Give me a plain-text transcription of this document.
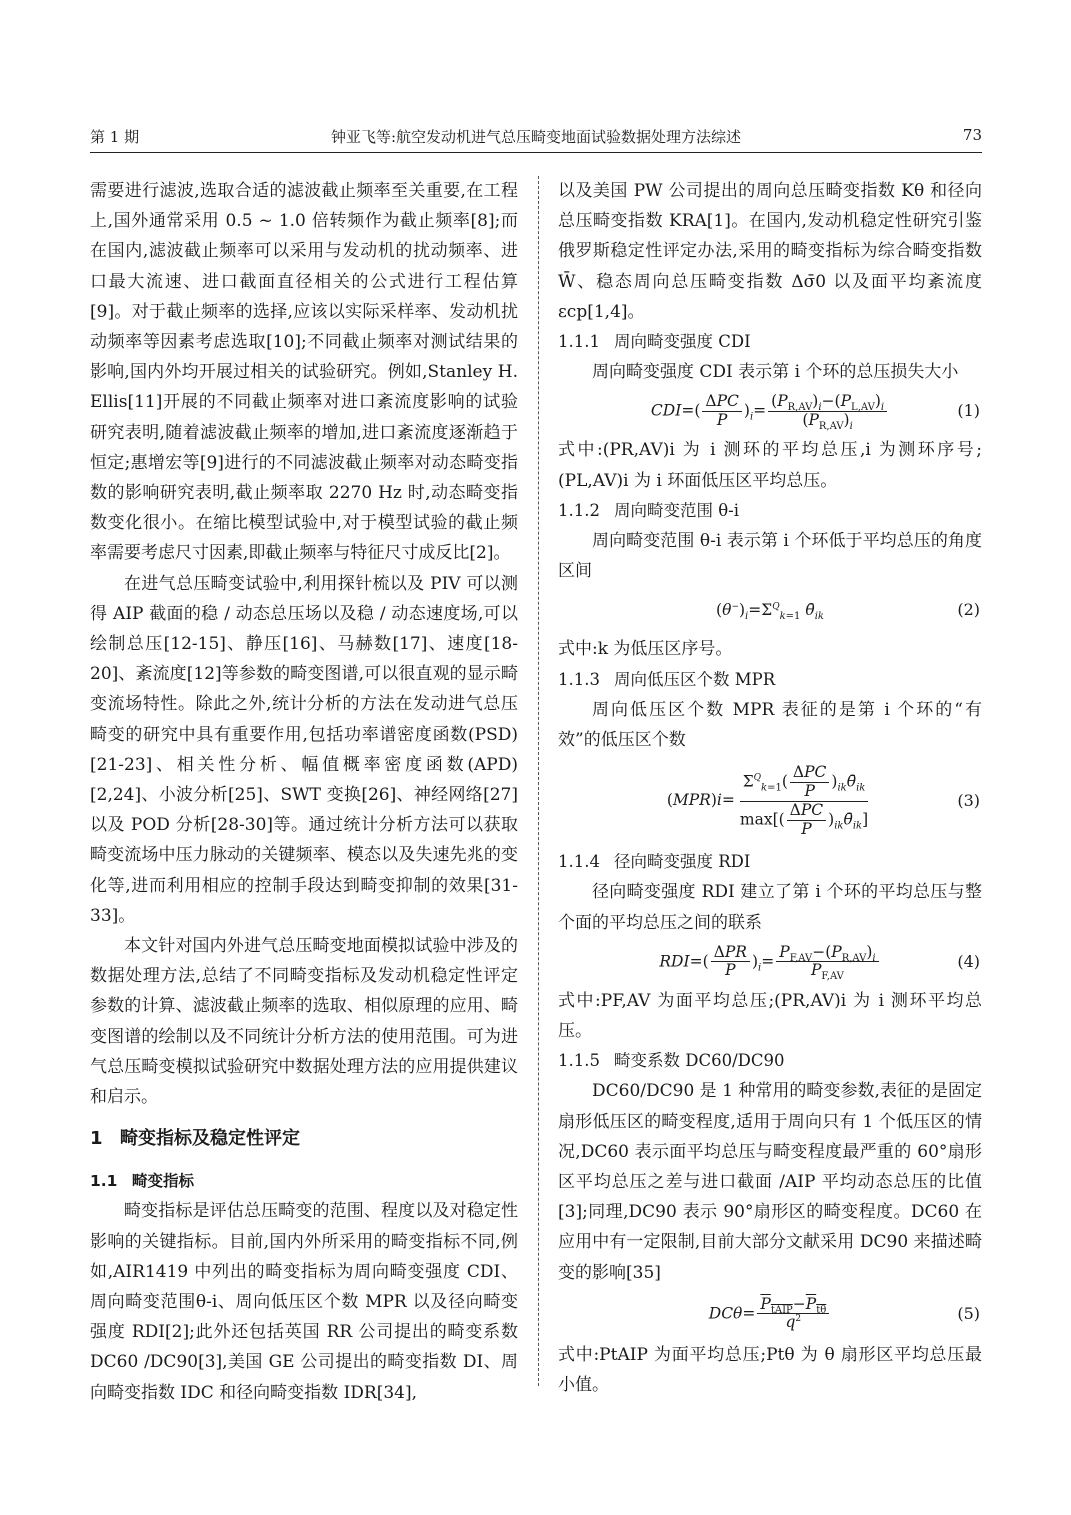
第 1 期	钟亚飞等:航空发动机进气总压畸变地面试验数据处理方法综述	73

需要进行滤波,选取合适的滤波截止频率至关重要,在工程上,国外通常采用 0.5 ~ 1.0 倍转频作为截止频率[8];而在国内,滤波截止频率可以采用与发动机的扰动频率、进口最大流速、进口截面直径相关的公式进行工程估算[9]。对于截止频率的选择,应该以实际采样率、发动机扰动频率等因素考虑选取[10];不同截止频率对测试结果的影响,国内外均开展过相关的试验研究。例如,Stanley H. Ellis[11]开展的不同截止频率对进口紊流度影响的试验研究表明,随着滤波截止频率的增加,进口紊流度逐渐趋于恒定;惠增宏等[9]进行的不同滤波截止频率对动态畸变指数的影响研究表明,截止频率取 2270 Hz 时,动态畸变指数变化很小。在缩比模型试验中,对于模型试验的截止频率需要考虑尺寸因素,即截止频率与特征尺寸成反比[2]。

在进气总压畸变试验中,利用探针梳以及 PIV 可以测得 AIP 截面的稳 / 动态总压场以及稳 / 动态速度场,可以绘制总压[12-15]、静压[16]、马赫数[17]、速度[18-20]、紊流度[12]等参数的畸变图谱,可以很直观的显示畸变流场特性。除此之外,统计分析的方法在发动进气总压畸变的研究中具有重要作用,包括功率谱密度函数(PSD)[21-23]、相关性分析、幅值概率密度函数(APD)[2,24]、小波分析[25]、SWT 变换[26]、神经网络[27]以及 POD 分析[28-30]等。通过统计分析方法可以获取畸变流场中压力脉动的关键频率、模态以及失速先兆的变化等,进而利用相应的控制手段达到畸变抑制的效果[31-33]。

本文针对国内外进气总压畸变地面模拟试验中涉及的数据处理方法,总结了不同畸变指标及发动机稳定性评定参数的计算、滤波截止频率的选取、相似原理的应用、畸变图谱的绘制以及不同统计分析方法的使用范围。可为进气总压畸变模拟试验研究中数据处理方法的应用提供建议和启示。

1 畸变指标及稳定性评定
1.1 畸变指标

畸变指标是评估总压畸变的范围、程度以及对稳定性影响的关键指标。目前,国内外所采用的畸变指标不同,例如,AIR1419 中列出的畸变指标为周向畸变强度 CDI、周向畸变范围θ-i、周向低压区个数 MPR 以及径向畸变强度 RDI[2];此外还包括英国 RR 公司提出的畸变系数 DC60 /DC90[3],美国 GE 公司提出的畸变指数 DI、周向畸变指数 IDC 和径向畸变指数 IDR[34],

以及美国 PW 公司提出的周向总压畸变指数 Kθ 和径向总压畸变指数 KRA[1]。在国内,发动机稳定性研究引鉴俄罗斯稳定性评定办法,采用的畸变指标为综合畸变指数 W̄、稳态周向总压畸变指数 Δσ̄0 以及面平均紊流度 εcp[1,4]。

1.1.1 周向畸变强度 CDI

周向畸变强度 CDI 表示第 i 个环的总压损失大小

$CDI=( \frac{\text{ΔPC}}{P} )_i= \frac{(P_{R,AV})_i-(P_{L,AV})_i}{(P_{R,AV})_i}$	(1)

式中:(PR,AV)i 为 i 测环的平均总压,i 为测环序号;(PL,AV)i 为 i 环面低压区平均总压。

1.1.2 周向畸变范围 θ-i

周向畸变范围 θ-i 表示第 i 个环低于平均总压的角度区间

$(\theta^-)_i=\Sigma^Q_{k=1}$ $\thetā_{ik}$	(2)

式中:k 为低压区序号。

1.1.3 周向低压区个数 MPR

周向低压区个数 MPR 表征的是第 i 个环的“有效”的低压区个数

$(MPR)i= \frac{\Sigma^Q_{k=1}( \frac{\text{ΔPC}}{P} )_{ik}\thetā_{ik}}{\max[( \frac{\text{ΔPC}}{P} )_{ik}\thetā_{ik}]}$	(3)
1.1.4 径向畸变强度 RDI

径向畸变强度 RDI 建立了第 i 个环的平均总压与整个面的平均总压之间的联系

$RDI=( \frac{\text{ΔPR}}{P} )_i= \frac{P_{F,AV}-(P_{R,AV})_i}{P_{F,AV}}$	(4)

式中:PF,AV 为面平均总压;(PR,AV)i 为 i 测环平均总压。

1.1.5 畸变系数 DC60/DC90

DC60/DC90 是 1 种常用的畸变参数,表征的是固定扇形低压区的畸变程度,适用于周向只有 1 个低压区的情况,DC60 表示面平均总压与畸变程度最严重的 60°扇形区平均总压之差与进口截面 /AIP 平均动态总压的比值[3];同理,DC90 表示 90°扇形区的畸变程度。DC60 在应用中有一定限制,目前大部分文献采用 DC90 来描述畸变的影响[35]

$DC\theta= \frac{P_{tAIP}-P_{t\theta}}{q^2}$	(5)

式中:PtAIP 为面平均总压;Ptθ 为 θ 扇形区平均总压最小值。
